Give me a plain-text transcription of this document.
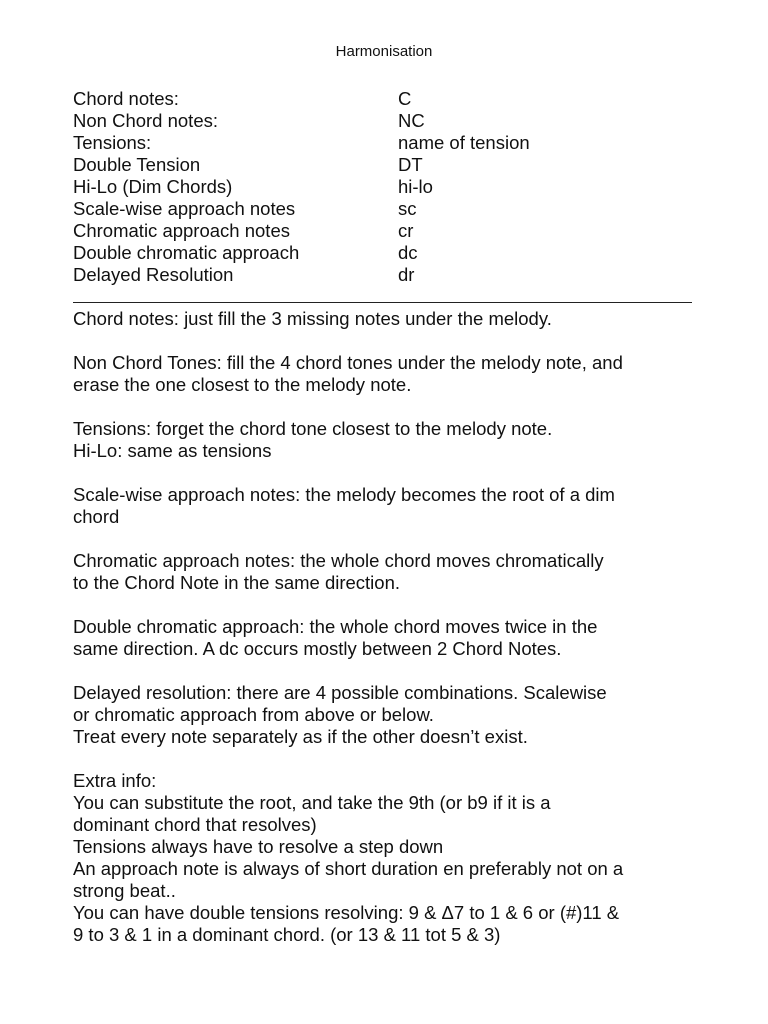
Harmonisation
Chord notes:	C
Non Chord notes:	NC
Tensions:	name of tension
Double Tension	DT
Hi-Lo (Dim Chords)	hi-lo
Scale-wise approach notes	sc
Chromatic approach notes	cr
Double chromatic approach	dc
Delayed Resolution	dr

Chord notes: just fill the 3 missing notes under the melody.

Non Chord Tones: fill the 4 chord tones under the melody note, and
erase the one closest to the melody note.

Tensions: forget the chord tone closest to the melody note.
Hi-Lo: same as tensions

Scale-wise approach notes: the melody becomes the root of a dim
chord

Chromatic approach notes: the whole chord moves chromatically
to the Chord Note in the same direction.

Double chromatic approach: the whole chord moves twice in the
same direction. A dc occurs mostly between 2 Chord Notes.

Delayed resolution: there are 4 possible combinations. Scalewise
or chromatic approach from above or below.
Treat every note separately as if the other doesn’t exist.

Extra info:
You can substitute the root, and take the 9th (or b9 if it is a
dominant chord that resolves)
Tensions always have to resolve a step down
An approach note is always of short duration en preferably not on a
strong beat..
You can have double tensions resolving: 9 & Δ7 to 1 & 6 or (#)11 &
9 to 3 & 1 in a dominant chord. (or 13 & 11 tot 5 & 3)
